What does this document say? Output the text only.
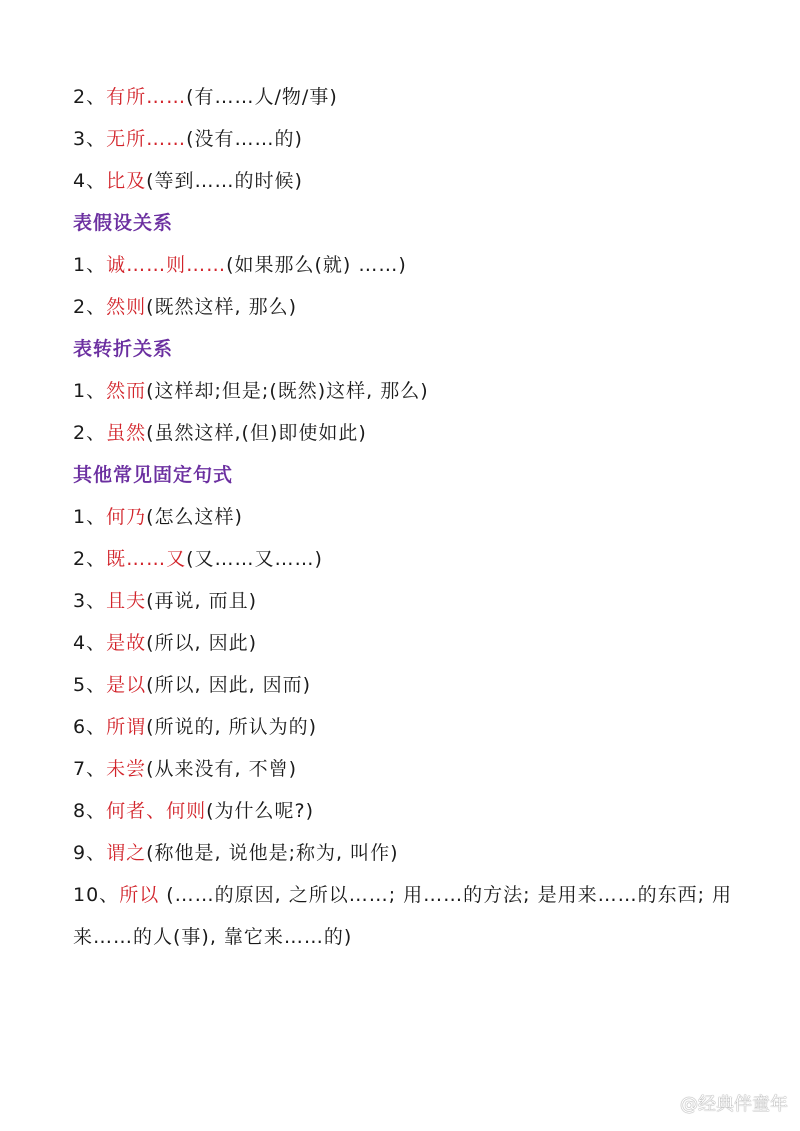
2、有所……(有……人/物/事)
3、无所……(没有……的)
4、比及(等到……的时候)
表假设关系
1、诚……则……(如果那么(就) ……)
2、然则(既然这样, 那么)
表转折关系
1、然而(这样却;但是;(既然)这样, 那么)
2、虽然(虽然这样,(但)即使如此)
其他常见固定句式
1、何乃(怎么这样)
2、既……又(又……又……)
3、且夫(再说, 而且)
4、是故(所以, 因此)
5、是以(所以, 因此, 因而)
6、所谓(所说的, 所认为的)
7、未尝(从来没有, 不曾)
8、何者、何则(为什么呢?)
9、谓之(称他是, 说他是;称为, 叫作)
10、所以 (……的原因, 之所以……; 用……的方法; 是用来……的东西; 用来……的人(事), 靠它来……的)
@经典伴童年
